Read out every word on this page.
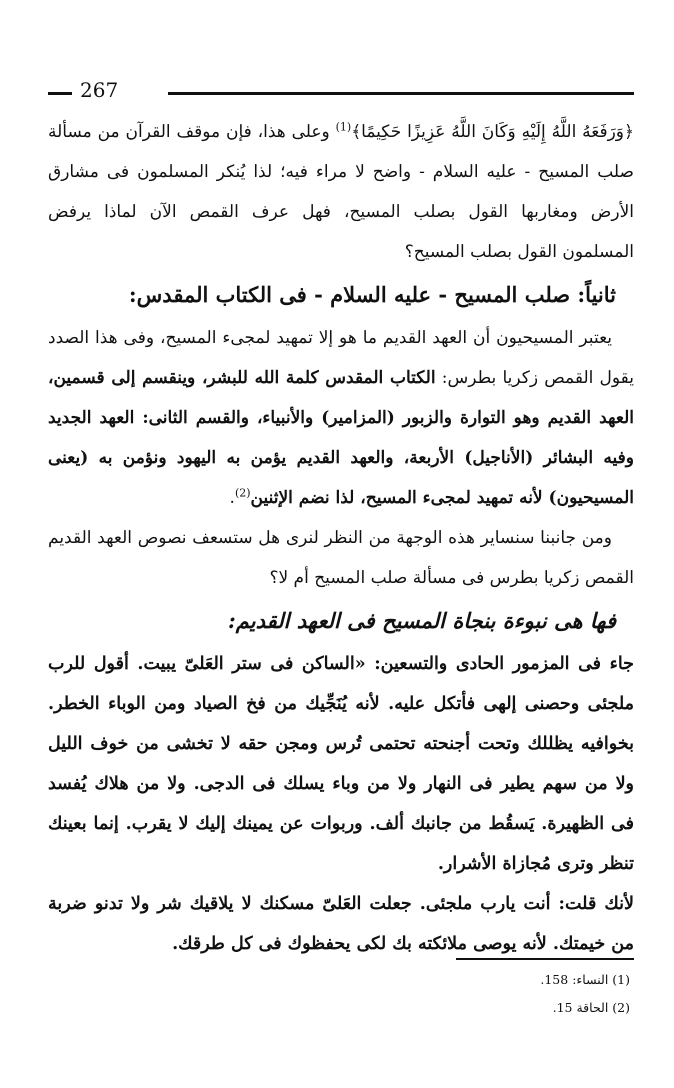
267

﴿وَرَفَعَهُ اللَّهُ إِلَيْهِ وَكَانَ اللَّهُ عَزِيزًا حَكِيمًا﴾$^{(1)}$ وعلى هذا، فإن موقف القرآن من مسألة صلب المسيح - عليه السلام - واضح لا مراء فيه؛ لذا يُنكر المسلمون فى مشارق الأرض ومغاربها القول بصلب المسيح، فهل عرف القمص الآن لماذا يرفض المسلمون القول بصلب المسيح؟

ثانياً: صلب المسيح - عليه السلام - فى الكتاب المقدس:

يعتبر المسيحيون أن العهد القديم ما هو إلا تمهيد لمجىء المسيح، وفى هذا الصدد يقول القمص زكريا بطرس: الكتاب المقدس كلمة الله للبشر، وينقسم إلى قسمين، العهد القديم وهو التوارة والزبور (المزامير) والأنبياء، والقسم الثانى: العهد الجديد وفيه البشائر (الأناجيل) الأربعة، والعهد القديم يؤمن به اليهود ونؤمن به (يعنى المسيحيون) لأنه تمهيد لمجىء المسيح، لذا نضم الإثنين$^{(2)}$.

ومن جانبنا سنساير هذه الوجهة من النظر لنرى هل ستسعف نصوص العهد القديم القمص زكريا بطرس فى مسألة صلب المسيح أم لا؟

فها هى نبوءة بنجاة المسيح فى العهد القديم:

جاء فى المزمور الحادى والتسعين: «الساكن فى ستر العَلىّ يبيت. أقول للرب ملجئى وحصنى إلهى فأتكل عليه. لأنه يُنَجِّيك من فخ الصياد ومن الوباء الخطر. بخوافيه يظللك وتحت أجنحته تحتمى تُرس ومجن حقه لا تخشى من خوف الليل ولا من سهم يطير فى النهار ولا من وباء يسلك فى الدجى. ولا من هلاك يُفسد فى الظهيرة. يَسقُط من جانبك ألف. وربوات عن يمينك إليك لا يقرب. إنما بعينك تنظر وترى مُجازاة الأشرار.

لأنك قلت: أنت يارب ملجئى. جعلت العَلىّ مسكنك لا يلاقيك شر ولا تدنو ضربة من خيمتك. لأنه يوصى ملائكته بك لكى يحفظوك فى كل طرقك.

(1) النساء: 158.
(2) الحاقة 15.
